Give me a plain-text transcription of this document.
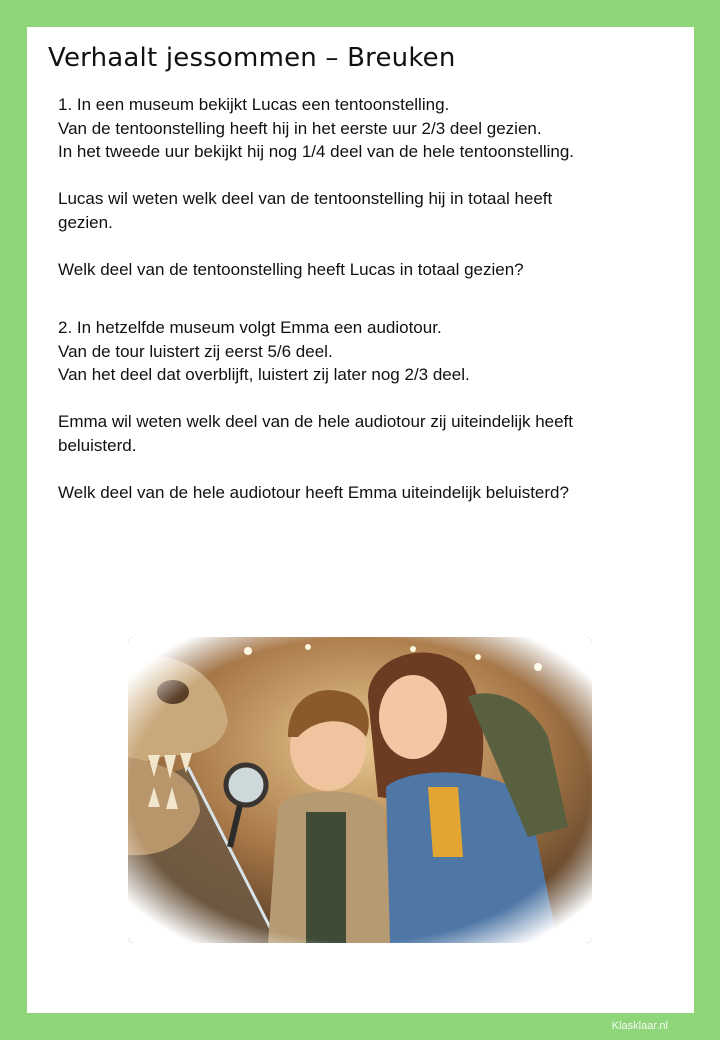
Verhaalt jessommen – Breuken

1. In een museum bekijkt Lucas een tentoonstelling.

Van de tentoonstelling heeft hij in het eerste uur 2/3 deel gezien.

In het tweede uur bekijkt hij nog 1/4 deel van de hele tentoonstelling.

Lucas wil weten welk deel van de tentoonstelling hij in totaal heeft

gezien.

Welk deel van de tentoonstelling heeft Lucas in totaal gezien?

2. In hetzelfde museum volgt Emma een audiotour.

Van de tour luistert zij eerst 5/6 deel.

Van het deel dat overblijft, luistert zij later nog 2/3 deel.

Emma wil weten welk deel van de hele audiotour zij uiteindelijk heeft

beluisterd.

Welk deel van de hele audiotour heeft Emma uiteindelijk beluisterd?

Klasklaar.nl
